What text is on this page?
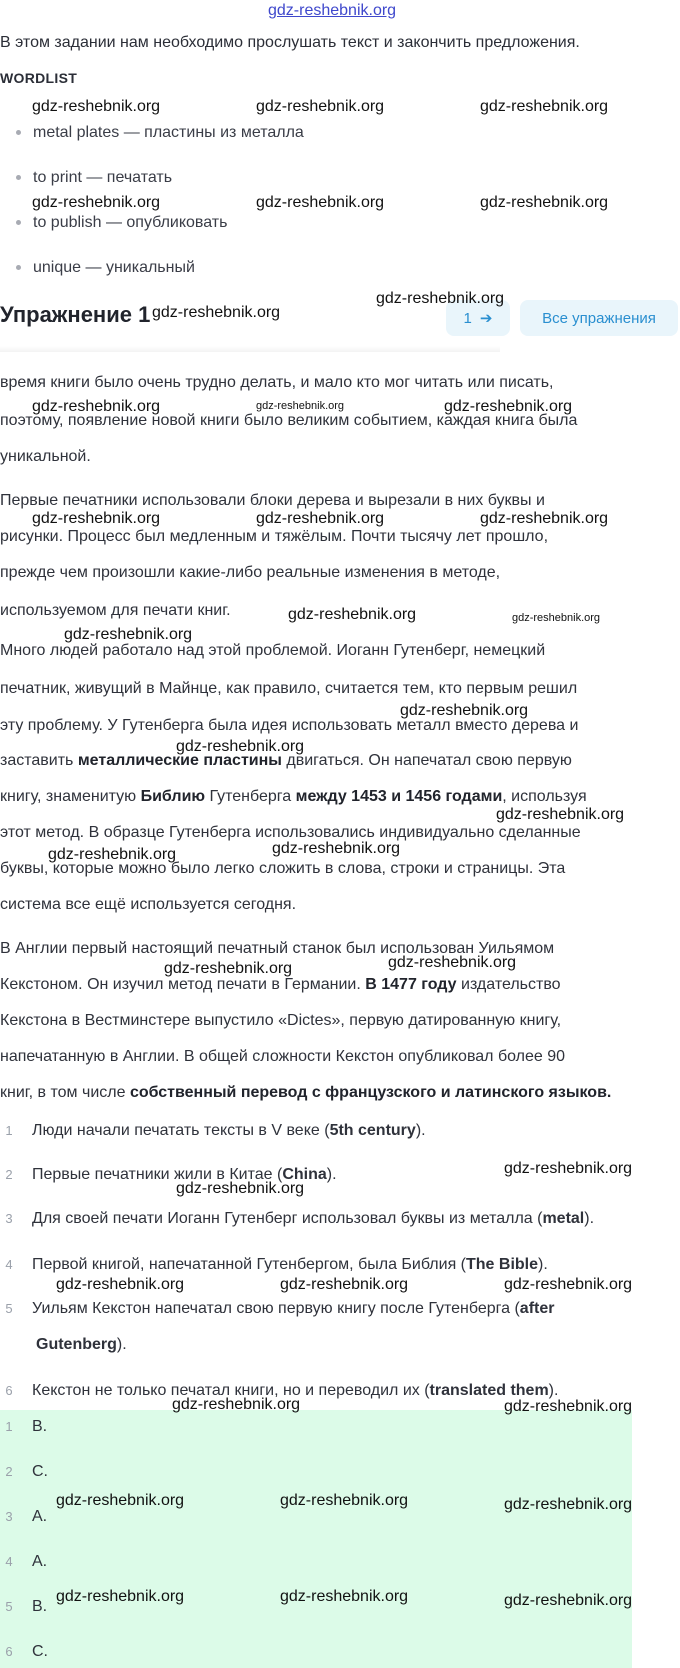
gdz-reshebnik.org
В этом задании нам необходимо прослушать текст и закончить предложения.
WORDLIST
metal plates — пластины из металла
to print — печатать
to publish — опубликовать
unique — уникальный
Упражнение 1	1 ➔	Все упражнения
время книги было очень трудно делать, и мало кто мог читать или писать,
поэтому, появление новой книги было великим событием, каждая книга была
уникальной.
Первые печатники использовали блоки дерева и вырезали в них буквы и
рисунки. Процесс был медленным и тяжёлым. Почти тысячу лет прошло,
прежде чем произошли какие-либо реальные изменения в методе,
используемом для печати книг.
Много людей работало над этой проблемой. Иоганн Гутенберг, немецкий
печатник, живущий в Майнце, как правило, считается тем, кто первым решил
эту проблему. У Гутенберга была идея использовать металл вместо дерева и
заставить металлические пластины двигаться. Он напечатал свою первую
книгу, знаменитую Библию Гутенберга между 1453 и 1456 годами, используя
этот метод. В образце Гутенберга использовались индивидуально сделанные
буквы, которые можно было легко сложить в слова, строки и страницы. Эта
система все ещё используется сегодня.
В Англии первый настоящий печатный станок был использован Уильямом
Кекстоном. Он изучил метод печати в Германии. В 1477 году издательство
Кекстона в Вестминстере выпустило «Dictes», первую датированную книгу,
напечатанную в Англии. В общей сложности Кекстон опубликовал более 90
книг, в том числе собственный перевод с французского и латинского языков.
1 Люди начали печатать тексты в V веке (5th century).
2 Первые печатники жили в Китае (China).
3 Для своей печати Иоганн Гутенберг использовал буквы из металла (metal).
4 Первой книгой, напечатанной Гутенбергом, была Библия (The Bible).
5 Уильям Кекстон напечатал свою первую книгу после Гутенберга (after
Gutenberg).
6 Кекстон не только печатал книги, но и переводил их (translated them).
1 B.
2 C.
3 A.
4 A.
5 B.
6 C.
gdz-reshebnik.org	gdz-reshebnik.org	gdz-reshebnik.org
gdz-reshebnik.org	gdz-reshebnik.org	gdz-reshebnik.org
gdz-reshebnik.org
gdz-reshebnik.org
gdz-reshebnik.org	gdz-reshebnik.org	gdz-reshebnik.org
gdz-reshebnik.org	gdz-reshebnik.org	gdz-reshebnik.org
gdz-reshebnik.org	gdz-reshebnik.org
gdz-reshebnik.org
gdz-reshebnik.org
gdz-reshebnik.org
gdz-reshebnik.org
gdz-reshebnik.org
gdz-reshebnik.org
gdz-reshebnik.org
gdz-reshebnik.org
gdz-reshebnik.org
gdz-reshebnik.org
gdz-reshebnik.org	gdz-reshebnik.org	gdz-reshebnik.org
gdz-reshebnik.org	gdz-reshebnik.org
gdz-reshebnik.org	gdz-reshebnik.org	gdz-reshebnik.org
gdz-reshebnik.org	gdz-reshebnik.org	gdz-reshebnik.org
